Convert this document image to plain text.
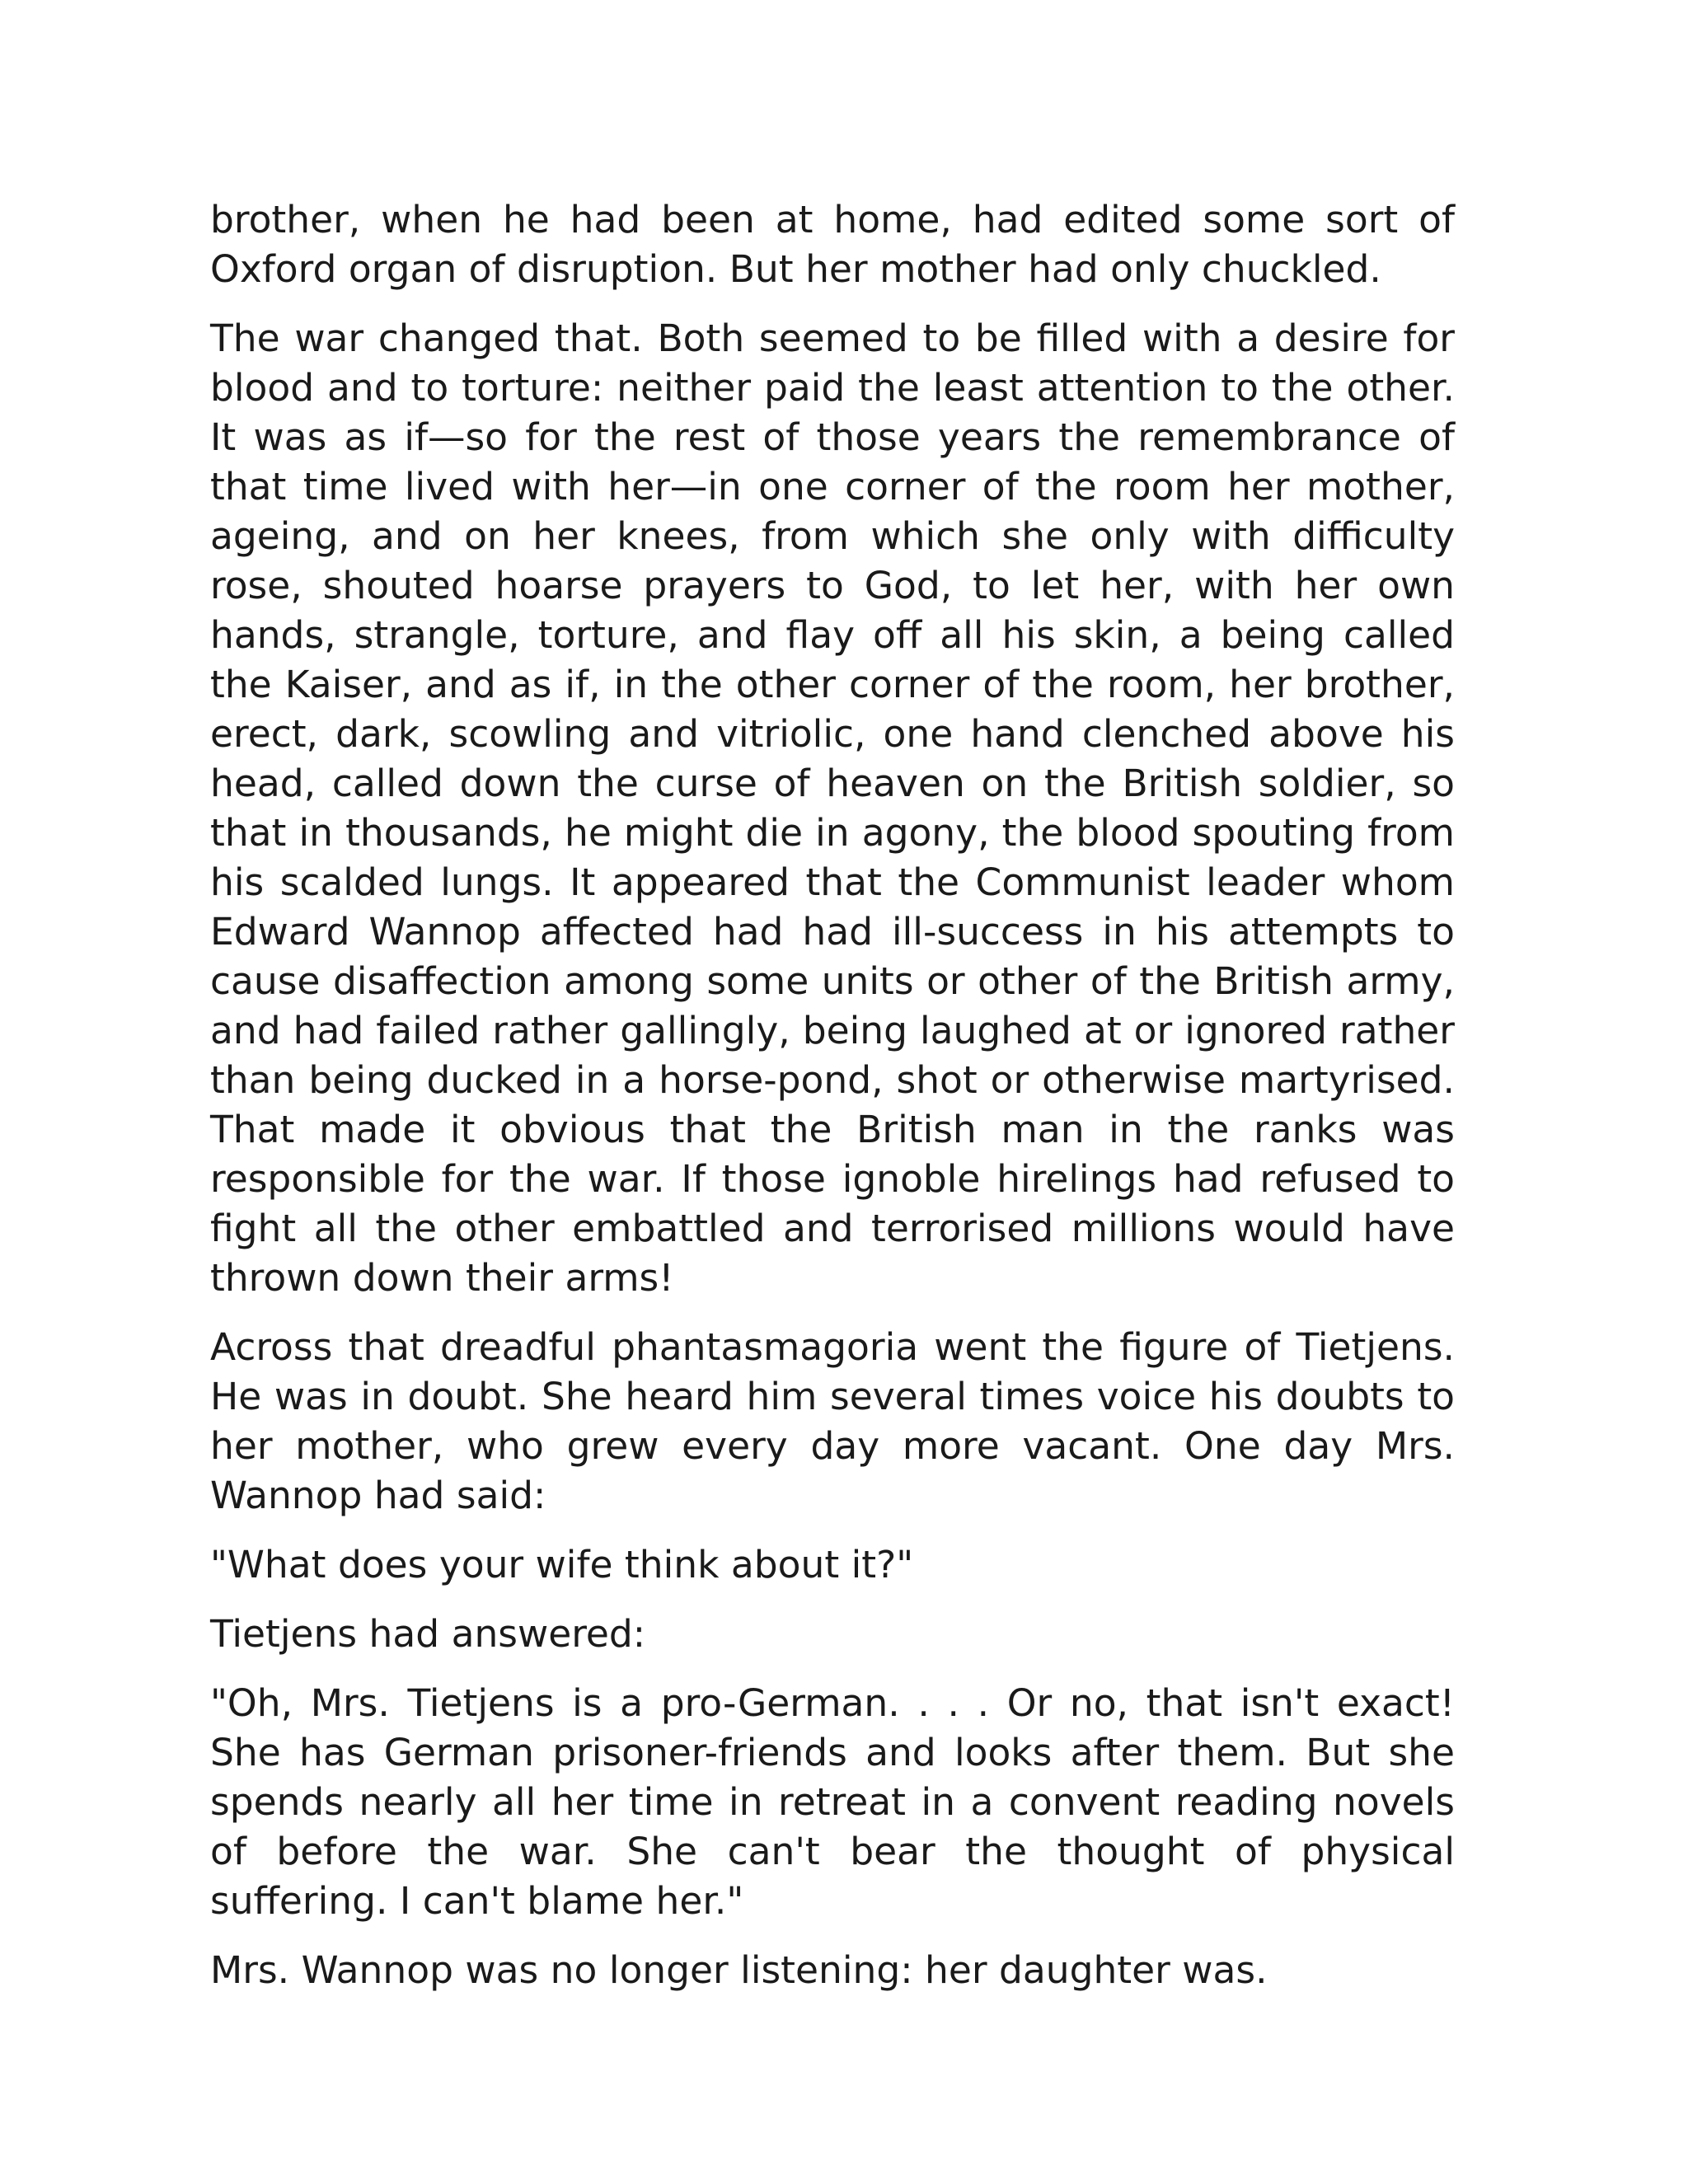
brother, when he had been at home, had edited some sort of Oxford organ of disruption. But her mother had only chuckled.

The war changed that. Both seemed to be filled with a desire for blood and to torture: neither paid the least attention to the other. It was as if—so for the rest of those years the remembrance of that time lived with her—in one corner of the room her mother, ageing, and on her knees, from which she only with difficulty rose, shouted hoarse prayers to God, to let her, with her own hands, strangle, torture, and flay off all his skin, a being called the Kaiser, and as if, in the other corner of the room, her brother, erect, dark, scowling and vitriolic, one hand clenched above his head, called down the curse of heaven on the British soldier, so that in thousands, he might die in agony, the blood spouting from his scalded lungs. It appeared that the Communist leader whom Edward Wannop affected had had ill-success in his attempts to cause disaffection among some units or other of the British army, and had failed rather gallingly, being laughed at or ignored rather than being ducked in a horse-pond, shot or otherwise martyrised. That made it obvious that the British man in the ranks was responsible for the war. If those ignoble hirelings had refused to fight all the other embattled and terrorised millions would have thrown down their arms!

Across that dreadful phantasmagoria went the figure of Tietjens. He was in doubt. She heard him several times voice his doubts to her mother, who grew every day more vacant. One day Mrs. Wannop had said:

"What does your wife think about it?"

Tietjens had answered:

"Oh, Mrs. Tietjens is a pro-German. . . . Or no, that isn't exact! She has German prisoner-friends and looks after them. But she spends nearly all her time in retreat in a convent reading novels of before the war. She can't bear the thought of physical suffering. I can't blame her."

Mrs. Wannop was no longer listening: her daughter was.
